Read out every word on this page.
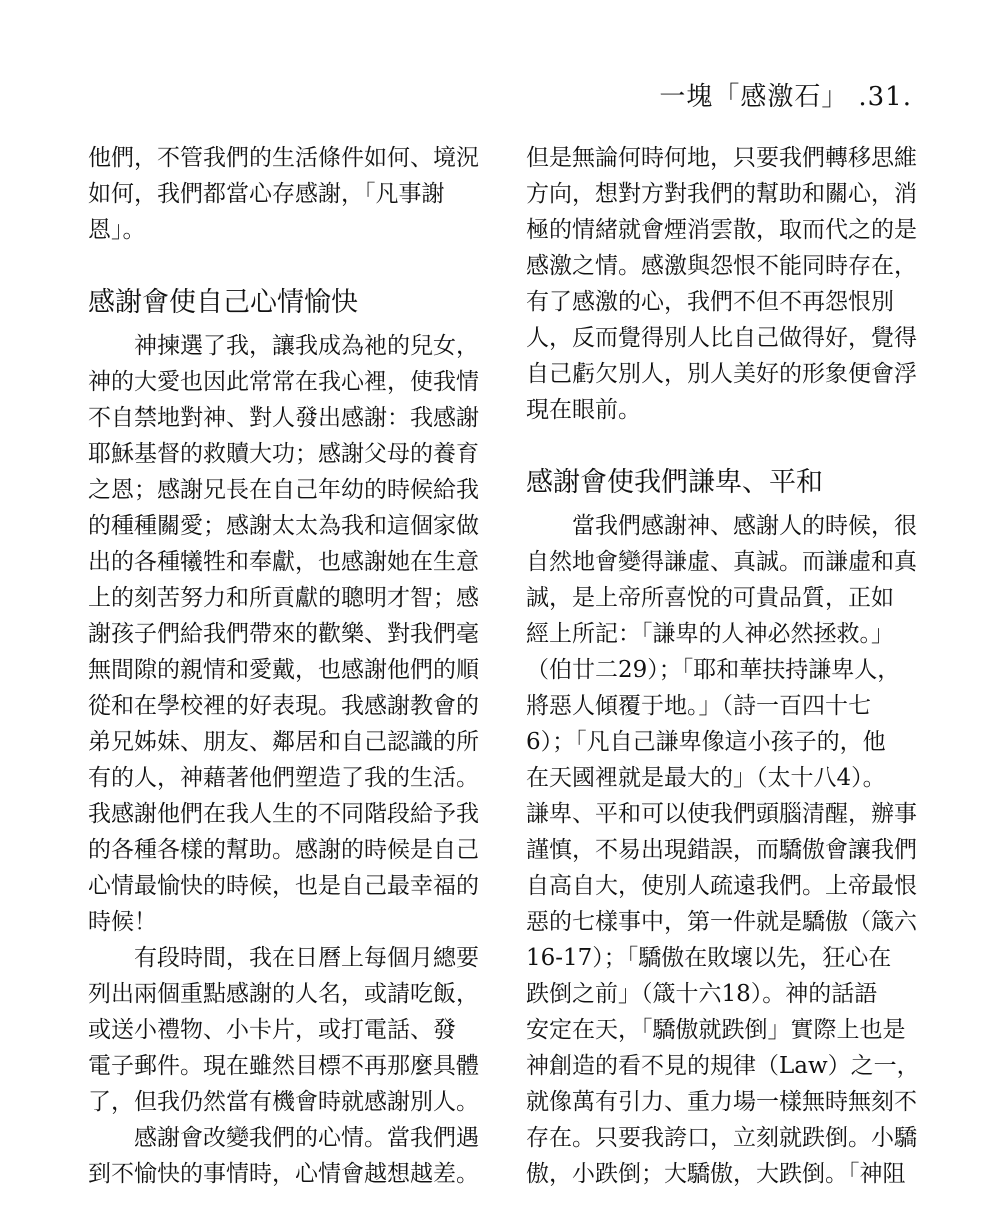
一塊「感激石」 .31.
他們，不管我們的生活條件如何、境況
如何，我們都當心存感謝，「凡事謝
恩」。
感謝會使自己心情愉快
　　神揀選了我，讓我成為祂的兒女，
神的大愛也因此常常在我心裡，使我情
不自禁地對神、對人發出感謝：我感謝
耶穌基督的救贖大功；感謝父母的養育
之恩；感謝兄長在自己年幼的時候給我
的種種關愛；感謝太太為我和這個家做
出的各種犧牲和奉獻，也感謝她在生意
上的刻苦努力和所貢獻的聰明才智；感
謝孩子們給我們帶來的歡樂、對我們毫
無間隙的親情和愛戴，也感謝他們的順
從和在學校裡的好表現。我感謝教會的
弟兄姊妹、朋友、鄰居和自己認識的所
有的人，神藉著他們塑造了我的生活。
我感謝他們在我人生的不同階段給予我
的各種各樣的幫助。感謝的時候是自己
心情最愉快的時候，也是自己最幸福的
時候！
　　有段時間，我在日曆上每個月總要
列出兩個重點感謝的人名，或請吃飯，
或送小禮物、小卡片，或打電話、發
電子郵件。現在雖然目標不再那麼具體
了，但我仍然當有機會時就感謝別人。
　　感謝會改變我們的心情。當我們遇
到不愉快的事情時，心情會越想越差。
但是無論何時何地，只要我們轉移思維
方向，想對方對我們的幫助和關心，消
極的情緒就會煙消雲散，取而代之的是
感激之情。感激與怨恨不能同時存在，
有了感激的心，我們不但不再怨恨別
人，反而覺得別人比自己做得好，覺得
自己虧欠別人，別人美好的形象便會浮
現在眼前。
感謝會使我們謙卑、平和
　　當我們感謝神、感謝人的時候，很
自然地會變得謙虛、真誠。而謙虛和真
誠，是上帝所喜悅的可貴品質，正如
經上所記：「謙卑的人神必然拯救。」
（伯廿二29）；「耶和華扶持謙卑人，
將惡人傾覆于地。」（詩一百四十七
6）；「凡自己謙卑像這小孩子的，他
在天國裡就是最大的」（太十八4）。
謙卑、平和可以使我們頭腦清醒，辦事
謹慎，不易出現錯誤，而驕傲會讓我們
自高自大，使別人疏遠我們。上帝最恨
惡的七樣事中，第一件就是驕傲（箴六
16-17）；「驕傲在敗壞以先，狂心在
跌倒之前」（箴十六18）。神的話語
安定在天，「驕傲就跌倒」實際上也是
神創造的看不見的規律（Law）之一，
就像萬有引力、重力場一樣無時無刻不
存在。只要我誇口，立刻就跌倒。小驕
傲，小跌倒；大驕傲，大跌倒。「神阻
